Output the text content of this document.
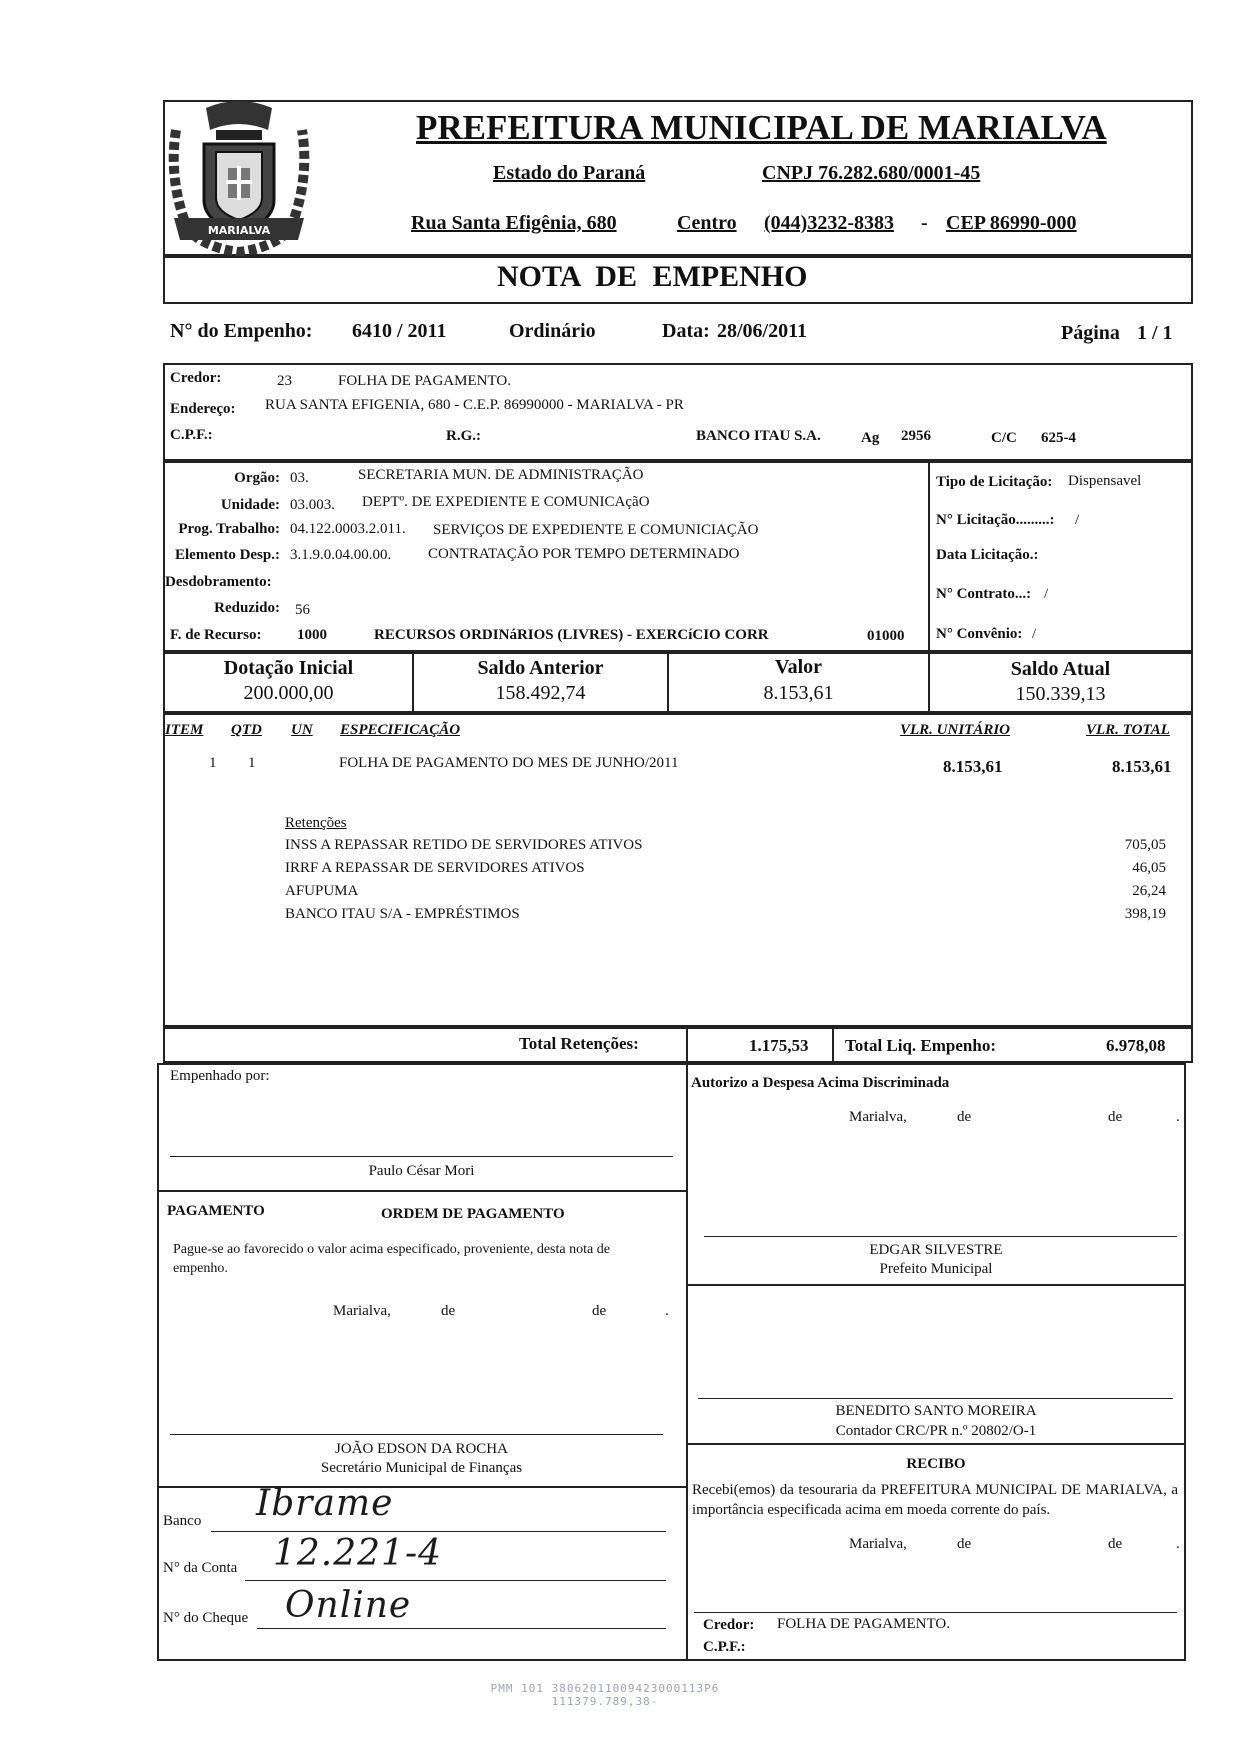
MARIALVA
PREFEITURA MUNICIPAL DE MARIALVA
Estado do Paraná	CNPJ 76.282.680/0001-45
Rua Santa Efigênia, 680	Centro (044)3232-8383 - CEP 86990-000
NOTA DE EMPENHO
N° do Empenho: 6410 / 2011	Ordinário	Data: 28/06/2011	Página 1 / 1
Credor:	23	FOLHA DE PAGAMENTO.
Endereço: RUA SANTA EFIGENIA, 680 - C.E.P. 86990000 - MARIALVA - PR
C.P.F.:	R.G.:	BANCO ITAU S.A.	Ag 2956	C/C 625-4
Orgão: 03.	SECRETARIA MUN. DE ADMINISTRAÇÃO
Unidade: 03.003. DEPTº. DE EXPEDIENTE E COMUNICAçãO
Prog. Trabalho: 04.122.0003.2.011. SERVIÇOS DE EXPEDIENTE E COMUNICIAÇÃO
Elemento Desp.: 3.1.9.0.04.00.00. CONTRATAÇÃO POR TEMPO DETERMINADO
Desdobramento:
Reduzido: 56
F. de Recurso: 1000	RECURSOS ORDINáRIOS (LIVRES) - EXERCíCIO CORR	01000
Tipo de Licitação: Dispensavel
N° Licitação.........: /
Data Licitação.:
N° Contrato...: /
N° Convênio: /
Dotação Inicial
200.000,00
Saldo Anterior
158.492,74
Valor
8.153,61
Saldo Atual
150.339,13
ITEM QTD UN ESPECIFICAÇÃO	VLR. UNITÁRIO	VLR. TOTAL
1 1	FOLHA DE PAGAMENTO DO MES DE JUNHO/2011	8.153,61	8.153,61
Retenções
INSS A REPASSAR RETIDO DE SERVIDORES ATIVOS	705,05
IRRF A REPASSAR DE SERVIDORES ATIVOS	46,05
AFUPUMA	26,24
BANCO ITAU S/A - EMPRÉSTIMOS	398,19
Total Retenções:	1.175,53 Total Liq. Empenho:	6.978,08
Empenhado por:
Paulo César Mori
Autorizo a Despesa Acima Discriminada
Marialva,	de	de	.
EDGAR SILVESTRE
Prefeito Municipal
PAGAMENTO	ORDEM DE PAGAMENTO
Pague-se ao favorecido o valor acima especificado, proveniente, desta nota de empenho.
Marialva,	de	de	.
JOÃO EDSON DA ROCHA
Secretário Municipal de Finanças
BENEDITO SANTO MOREIRA
Contador CRC/PR n.º 20802/O-1
RECIBO
Recebi(emos) da tesouraria da PREFEITURA MUNICIPAL DE MARIALVA, a importância especificada acima em moeda corrente do país.
Marialva,	de	de	.
Credor: FOLHA DE PAGAMENTO.
C.P.F.:
Banco Ibrame
N° da Conta 12.221-4
N° do Cheque Online
PMM 101 38062011009423000113P6 111379.789,38-
